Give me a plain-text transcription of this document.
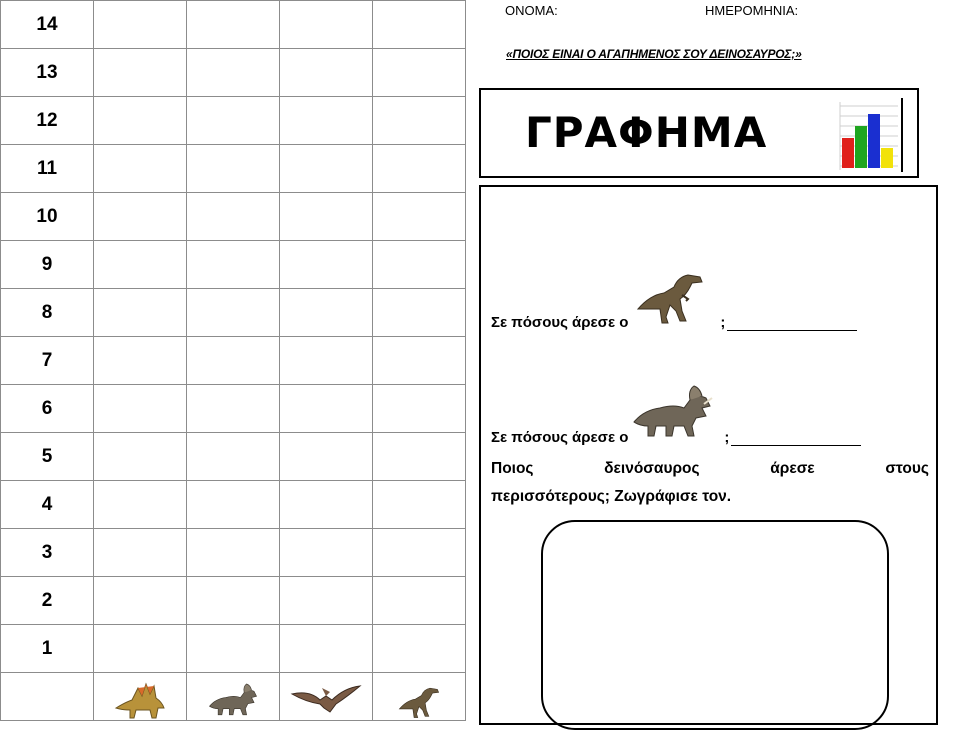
14				
13				
12				
11				
10				
9				
8				
7				
6				
5				
4				
3				
2				
1				

ΟΝΟΜΑ:	ΗΜΕΡΟΜΗΝΙΑ:
«ΠΟΙΟΣ ΕΙΝΑΙ Ο ΑΓΑΠΗΜΕΝΟΣ ΣΟΥ ΔΕΙΝΟΣΑΥΡΟΣ;»
ΓΡΑΦΗΜΑ
Σε πόσους άρεσε ο	;
Σε πόσους άρεσε ο	;
Ποιος	δεινόσαυρος	άρεσε	στους
περισσότερους; Ζωγράφισε τον.
